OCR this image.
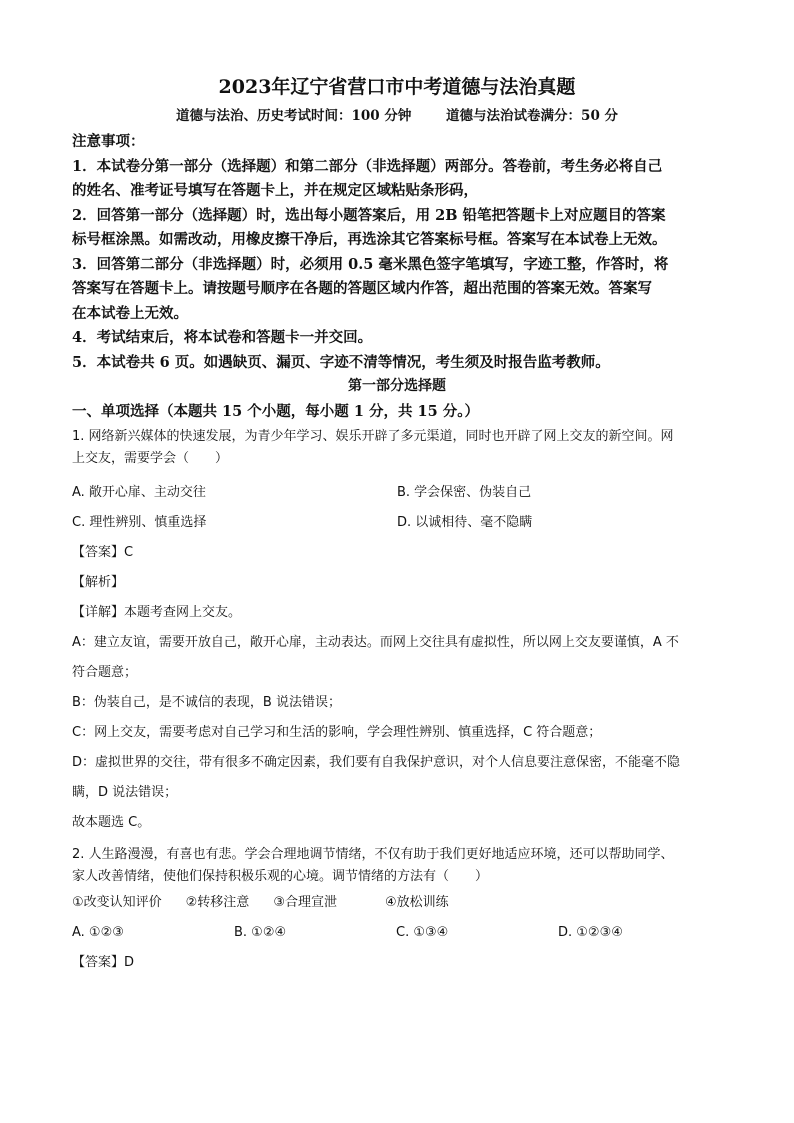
2023年辽宁省营口市中考道德与法治真题
道德与法治、历史考试时间：100 分钟	道德与法治试卷满分：50 分

注意事项：

1．本试卷分第一部分（选择题）和第二部分（非选择题）两部分。答卷前，考生务必将自己

的姓名、准考证号填写在答题卡上，并在规定区域粘贴条形码，

2．回答第一部分（选择题）时，选出每小题答案后，用 2B 铅笔把答题卡上对应题目的答案

标号框涂黑。如需改动，用橡皮擦干净后，再选涂其它答案标号框。答案写在本试卷上无效。

3．回答第二部分（非选择题）时，必须用 0.5 毫米黑色签字笔填写，字迹工整，作答时，将

答案写在答题卡上。请按题号顺序在各题的答题区域内作答，超出范围的答案无效。答案写

在本试卷上无效。

4．考试结束后，将本试卷和答题卡一并交回。

5．本试卷共 6 页。如遇缺页、漏页、字迹不清等情况，考生须及时报告监考教师。

第一部分选择题
一、单项选择（本题共 15 个小题，每小题 1 分，共 15 分。）
1. 网络新兴媒体的快速发展，为青少年学习、娱乐开辟了多元渠道，同时也开辟了网上交友的新空间。网
上交友，需要学会（　　）
A. 敞开心扉、主动交往	B. 学会保密、伪装自己
C. 理性辨别、慎重选择	D. 以诚相待、毫不隐瞒
【答案】C
【解析】
【详解】本题考查网上交友。
A：建立友谊，需要开放自己，敞开心扉，主动表达。而网上交往具有虚拟性，所以网上交友要谨慎，A 不
符合题意；
B：伪装自己，是不诚信的表现，B 说法错误；
C：网上交友，需要考虑对自己学习和生活的影响，学会理性辨别、慎重选择，C 符合题意；
D：虚拟世界的交往，带有很多不确定因素，我们要有自我保护意识，对个人信息要注意保密，不能毫不隐
瞒，D 说法错误；
故本题选 C。
2. 人生路漫漫，有喜也有悲。学会合理地调节情绪，不仅有助于我们更好地适应环境，还可以帮助同学、
家人改善情绪，使他们保持积极乐观的心境。调节情绪的方法有（　　）
①改变认知评价 ②转移注意 ③合理宣泄	④放松训练
A. ①②③	B. ①②④	C. ①③④	D. ①②③④
【答案】D
